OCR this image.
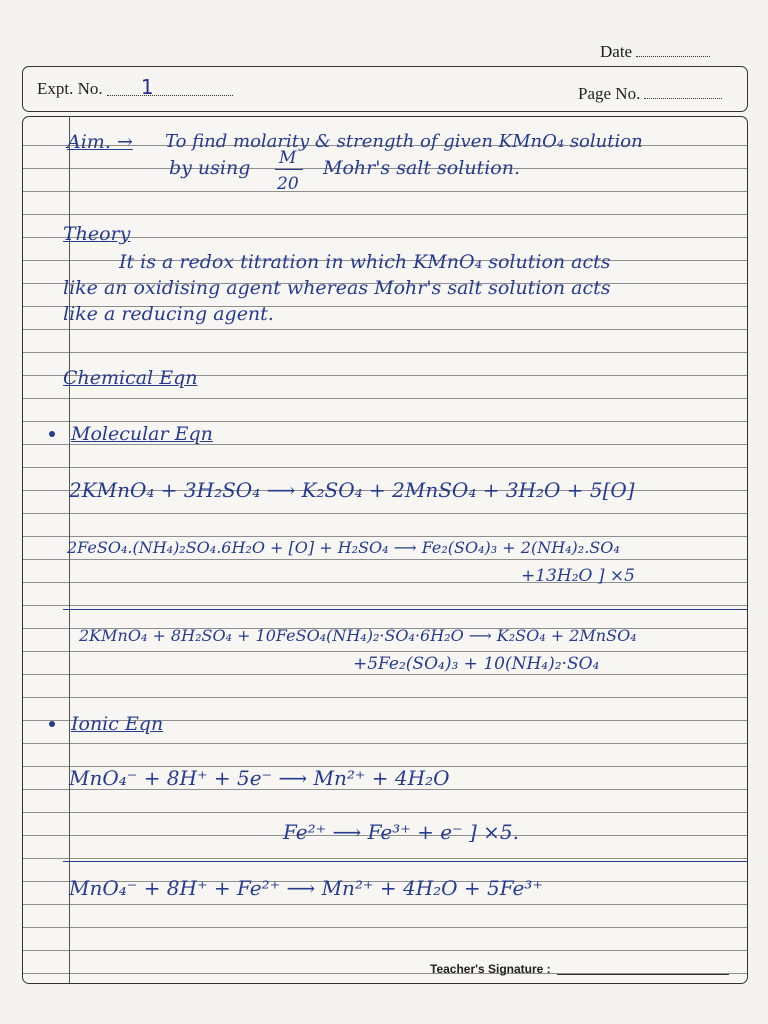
Date
Expt. No. 1	Page No.
Aim. → To find molarity & strength of given KMnO₄ solution
by using M
20
Mohr's salt solution.
Theory
It is a redox titration in which KMnO₄ solution acts
like an oxidising agent whereas Mohr's salt solution acts
like a reducing agent.
Chemical Eqn
Molecular Eqn
2KMnO₄ + 3H₂SO₄ ⟶ K₂SO₄ + 2MnSO₄ + 3H₂O + 5[O]
2FeSO₄.(NH₄)₂SO₄.6H₂O + [O] + H₂SO₄ ⟶ Fe₂(SO₄)₃ + 2(NH₄)₂.SO₄
+13H₂O ] ×5
2KMnO₄ + 8H₂SO₄ + 10FeSO₄(NH₄)₂·SO₄·6H₂O ⟶ K₂SO₄ + 2MnSO₄
+5Fe₂(SO₄)₃ + 10(NH₄)₂·SO₄
Ionic Eqn
MnO₄⁻ + 8H⁺ + 5e⁻ ⟶ Mn²⁺ + 4H₂O
Fe²⁺ ⟶ Fe³⁺ + e⁻ ] ×5.
MnO₄⁻ + 8H⁺ + Fe²⁺ ⟶ Mn²⁺ + 4H₂O + 5Fe³⁺
Teacher's Signature :
